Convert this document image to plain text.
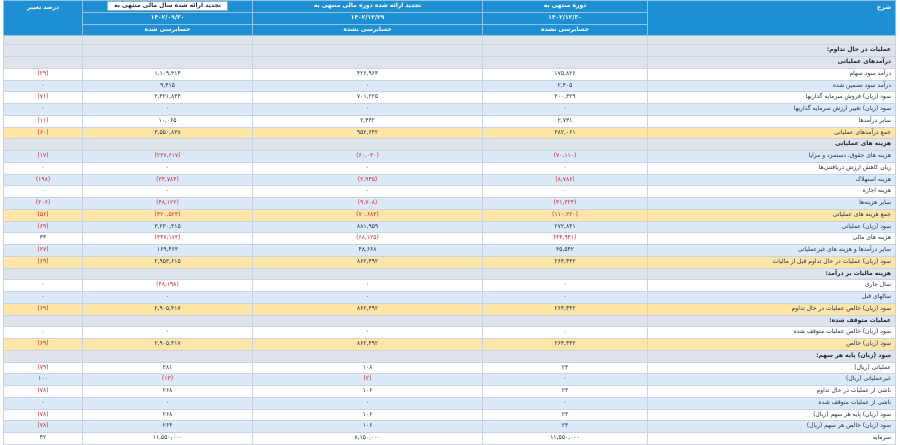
شرح	دوره منتهی به	تجدید ارائه شده دوره مالی منتهی به	تجدید ارائه شده سال مالی منتهی به	درصد تغییر
	۱۴۰۲/۱۲/۳۰	۱۴۰۲/۱۲/۲۹	۱۴۰۲/۰۹/۳۰	
	حسابرسی نشده	حسابرسی نشده	حسابرسی شده	

عملیات در حال تداوم:				
درآمدهای عملیاتی				
درآمد سود سهام	۱۷۵,۸۲۶	۴۲۶,۹۶۴	۱,۱۰۹,۳۱۴	(۲۹)
درآمد سود تضمین شده	۲,۴۰۵	۰	۹,۴۱۵	۰
سود (زیان) فروش سرمایه گذاریها	۲۰۰,۳۲۹	۷۰۱,۲۲۵	۲,۴۲۱,۸۴۴	(۷۱)
سود (زیان) تغییر ارزش سرمایه گذاریها	۰	۰	۰	۰
سایر درآمدها	۲,۷۳۱	۲,۴۴۲	۱۰,۰۶۵	(۱۱)
جمع درآمدهای عملیاتی	۳۸۲,۰۶۱	۹۵۲,۶۴۲	۳,۵۵۰,۸۳۸	(۶۰)
هزینه های عملیاتی				
هزینه های حقوق، دستمزد و مزایا	(۷۰,۱۱۰)	(۶۰,۰۳۰)	(۲۳۷,۶۱۷)	(۱۷)
زیان کاهش ارزش دریافتنی‌ها	۰	۰	۰	۰
هزینه استهلاک	(۸,۷۸۶)	(۲,۹۴۵)	(۳۴,۷۸۴)	(۱۹۸)
هزینه اجاره	۰	۰	۰	۰
سایر هزینه‌ها	(۳۱,۳۲۴)	(۹,۷۰۸)	(۴۸,۱۲۲)	(۲۰۶)
جمع هزینه های عملیاتی	(۱۱۰,۲۲۰)	(۷۰,۶۸۳)	(۳۲۰,۵۲۳)	(۵۶)
سود (زیان) عملیاتی	۲۷۲,۸۴۱	۸۸۱,۹۵۹	۳,۲۳۰,۳۱۵	(۶۹)
هزینه های مالی	(۴۴,۹۴۱)	(۶۸,۱۲۵)	(۴۴۶,۱۶۳)	۳۴
سایر درآمدها و هزینه های غیرعملیاتی	۳۵,۵۴۲	۴۸,۶۶۸	۱۶۹,۴۶۳	(۲۷)
سود (زیان) عملیات در حال تداوم قبل از مالیات	۲۶۴,۴۴۲	۸۶۲,۴۹۲	۲,۹۵۳,۶۱۵	(۶۹)
هزینه مالیات بر درآمد:				
سال جاری	۰	۰	(۴۸,۱۹۸)	۰
سالهای قبل	۰	۰	۰	۰
سود (زیان) خالص عملیات در حال تداوم	۲۶۴,۴۴۲	۸۶۲,۴۹۲	۲,۹۰۵,۴۱۷	(۶۹)
عملیات متوقف شده:				
سود (زیان) خالص عملیات متوقف شده	۰	۰	۰	۰
سود (زیان) خالص	۲۶۴,۴۴۲	۸۶۲,۴۹۲	۲,۹۰۵,۴۱۷	(۶۹)
سود (زیان) پایه هر سهم:				
عملیاتی (ریال)	۲۳	۱۰۸	۲۸۱	(۷۹)
غیرعملیاتی (ریال)	۰	(۲)	(۱۳)	۱۰۰
ناشی از عملیات در حال تداوم	۲۳	۱۰۶	۲۶۸	(۷۸)
ناشی از عملیات متوقف شده	۰	۰	۰	۰
سود (زیان) پایه هر سهم (ریال)	۲۳	۱۰۶	۲۶۸	(۷۸)
سود (زیان) خالص هر سهم (ریال)	۲۳	۱۰۶	۲۶۴	(۷۸)
سرمایه	۱۱,۵۵۰,۰۰۰	۸,۱۵۰,۰۰۰	۱۱,۵۵۰,۰۰۰	۴۲
